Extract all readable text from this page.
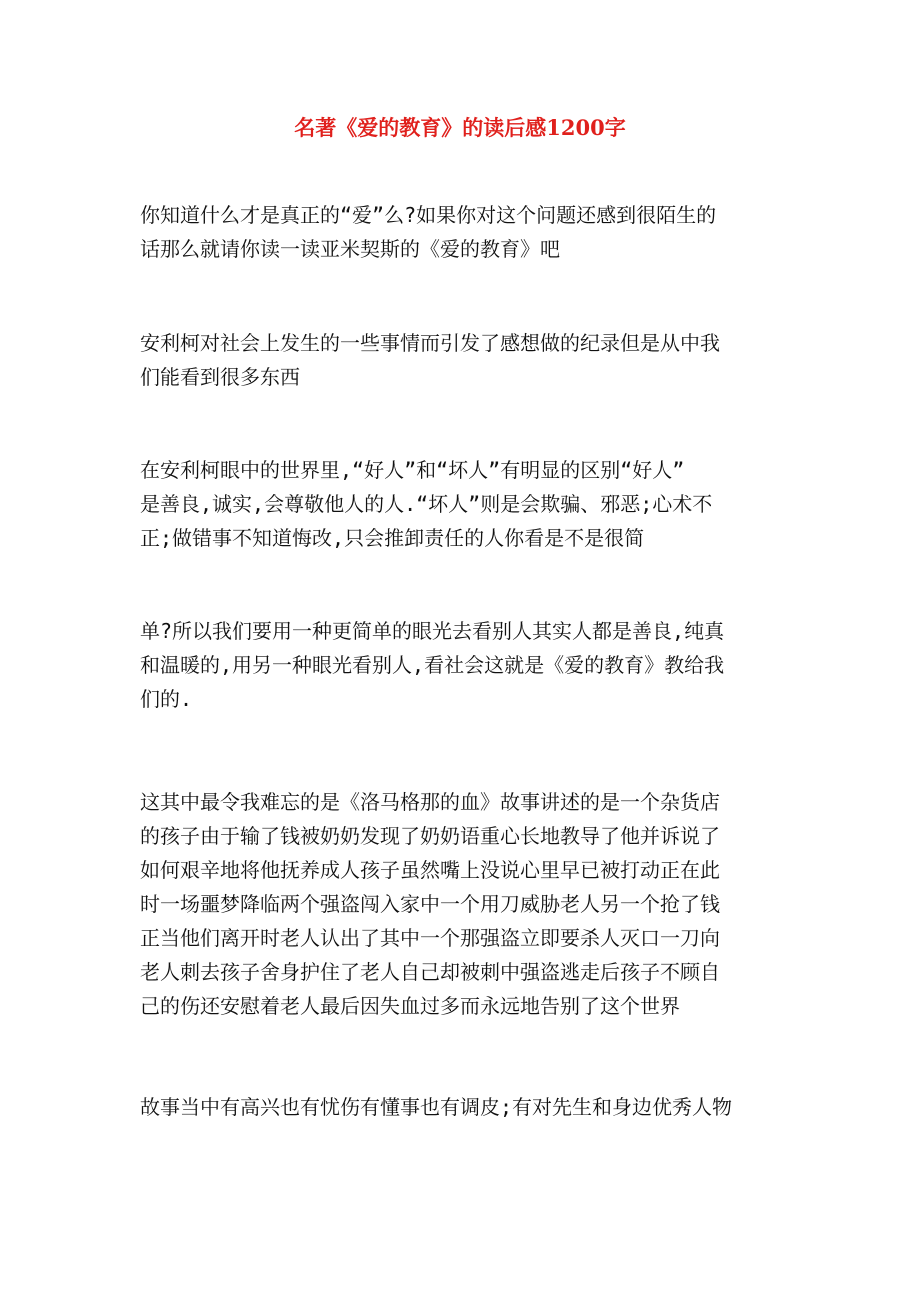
名著《爱的教育》的读后感1200字
你知道什么才是真正的“爱”么?如果你对这个问题还感到很陌生的
话那么就请你读一读亚米契斯的《爱的教育》吧
安利柯对社会上发生的一些事情而引发了感想做的纪录但是从中我
们能看到很多东西
在安利柯眼中的世界里,“好人”和“坏人”有明显的区别“好人”
是善良,诚实,会尊敬他人的人.“坏人”则是会欺骗、邪恶;心术不
正;做错事不知道悔改,只会推卸责任的人你看是不是很简
单?所以我们要用一种更简单的眼光去看别人其实人都是善良,纯真
和温暖的,用另一种眼光看别人,看社会这就是《爱的教育》教给我
们的.
这其中最令我难忘的是《洛马格那的血》故事讲述的是一个杂货店
的孩子由于输了钱被奶奶发现了奶奶语重心长地教导了他并诉说了
如何艰辛地将他抚养成人孩子虽然嘴上没说心里早已被打动正在此
时一场噩梦降临两个强盗闯入家中一个用刀威胁老人另一个抢了钱
正当他们离开时老人认出了其中一个那强盗立即要杀人灭口一刀向
老人刺去孩子舍身护住了老人自己却被刺中强盗逃走后孩子不顾自
己的伤还安慰着老人最后因失血过多而永远地告别了这个世界
故事当中有高兴也有忧伤有懂事也有调皮;有对先生和身边优秀人物
